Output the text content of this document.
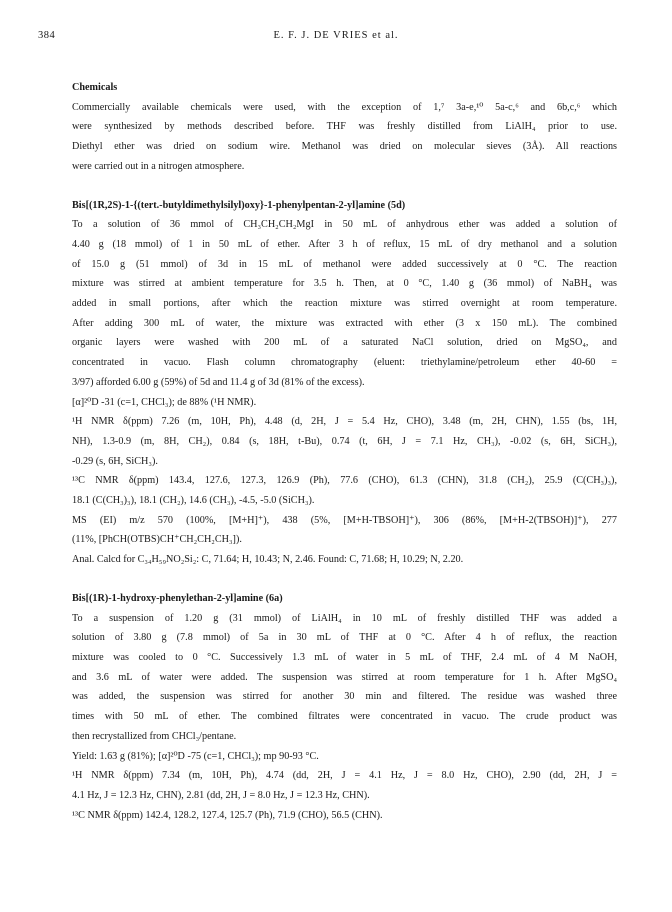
384	E. F. J. DE VRIES et al.
Chemicals
Commercially available chemicals were used, with the exception of 1,⁷ 3a-e,¹⁰ 5a-c,⁶ and 6b,c,⁶ which
were synthesized by methods described before. THF was freshly distilled from LiAlH₄ prior to use.
Diethyl ether was dried on sodium wire. Methanol was dried on molecular sieves (3Å). All reactions
were carried out in a nitrogen atmosphere.
Bis[(1R,2S)-1-{(tert.-butyldimethylsilyl)oxy}-1-phenylpentan-2-yl]amine (5d)
To a solution of 36 mmol of CH₃CH₂CH₂MgI in 50 mL of anhydrous ether was added a solution of
4.40 g (18 mmol) of 1 in 50 mL of ether. After 3 h of reflux, 15 mL of dry methanol and a solution
of 15.0 g (51 mmol) of 3d in 15 mL of methanol were added successively at 0 °C. The reaction
mixture was stirred at ambient temperature for 3.5 h. Then, at 0 °C, 1.40 g (36 mmol) of NaBH₄ was
added in small portions, after which the reaction mixture was stirred overnight at room temperature.
After adding 300 mL of water, the mixture was extracted with ether (3 x 150 mL). The combined
organic layers were washed with 200 mL of a saturated NaCl solution, dried on MgSO₄, and
concentrated in vacuo. Flash column chromatography (eluent: triethylamine/petroleum ether 40-60 =
3/97) afforded 6.00 g (59%) of 5d and 11.4 g of 3d (81% of the excess).
[α]²⁰D -31 (c=1, CHCl₃); de 88% (¹H NMR).
¹H NMR δ(ppm) 7.26 (m, 10H, Ph), 4.48 (d, 2H, J = 5.4 Hz, CHO), 3.48 (m, 2H, CHN), 1.55 (bs, 1H,
NH), 1.3-0.9 (m, 8H, CH₂), 0.84 (s, 18H, t-Bu), 0.74 (t, 6H, J = 7.1 Hz, CH₃), -0.02 (s, 6H, SiCH₃),
-0.29 (s, 6H, SiCH₃).
¹³C NMR δ(ppm) 143.4, 127.6, 127.3, 126.9 (Ph), 77.6 (CHO), 61.3 (CHN), 31.8 (CH₂), 25.9 (C(CH₃)₃),
18.1 (C(CH₃)₃), 18.1 (CH₂), 14.6 (CH₃), -4.5, -5.0 (SiCH₃).
MS (EI) m/z 570 (100%, [M+H]⁺), 438 (5%, [M+H-TBSOH]⁺), 306 (86%, [M+H-2(TBSOH)]⁺), 277
(11%, [PhCH(OTBS)CH⁺CH₂CH₂CH₃]).
Anal. Calcd for C₃₄H₅₉NO₂Si₂: C, 71.64; H, 10.43; N, 2.46. Found: C, 71.68; H, 10.29; N, 2.20.
Bis[(1R)-1-hydroxy-phenylethan-2-yl]amine (6a)
To a suspension of 1.20 g (31 mmol) of LiAlH₄ in 10 mL of freshly distilled THF was added a
solution of 3.80 g (7.8 mmol) of 5a in 30 mL of THF at 0 °C. After 4 h of reflux, the reaction
mixture was cooled to 0 °C. Successively 1.3 mL of water in 5 mL of THF, 2.4 mL of 4 M NaOH,
and 3.6 mL of water were added. The suspension was stirred at room temperature for 1 h. After MgSO₄
was added, the suspension was stirred for another 30 min and filtered. The residue was washed three
times with 50 mL of ether. The combined filtrates were concentrated in vacuo. The crude product was
then recrystallized from CHCl₃/pentane.
Yield: 1.63 g (81%); [α]²⁰D -75 (c=1, CHCl₃); mp 90-93 °C.
¹H NMR δ(ppm) 7.34 (m, 10H, Ph), 4.74 (dd, 2H, J = 4.1 Hz, J = 8.0 Hz, CHO), 2.90 (dd, 2H, J =
4.1 Hz, J = 12.3 Hz, CHN), 2.81 (dd, 2H, J = 8.0 Hz, J = 12.3 Hz, CHN).
¹³C NMR δ(ppm) 142.4, 128.2, 127.4, 125.7 (Ph), 71.9 (CHO), 56.5 (CHN).
